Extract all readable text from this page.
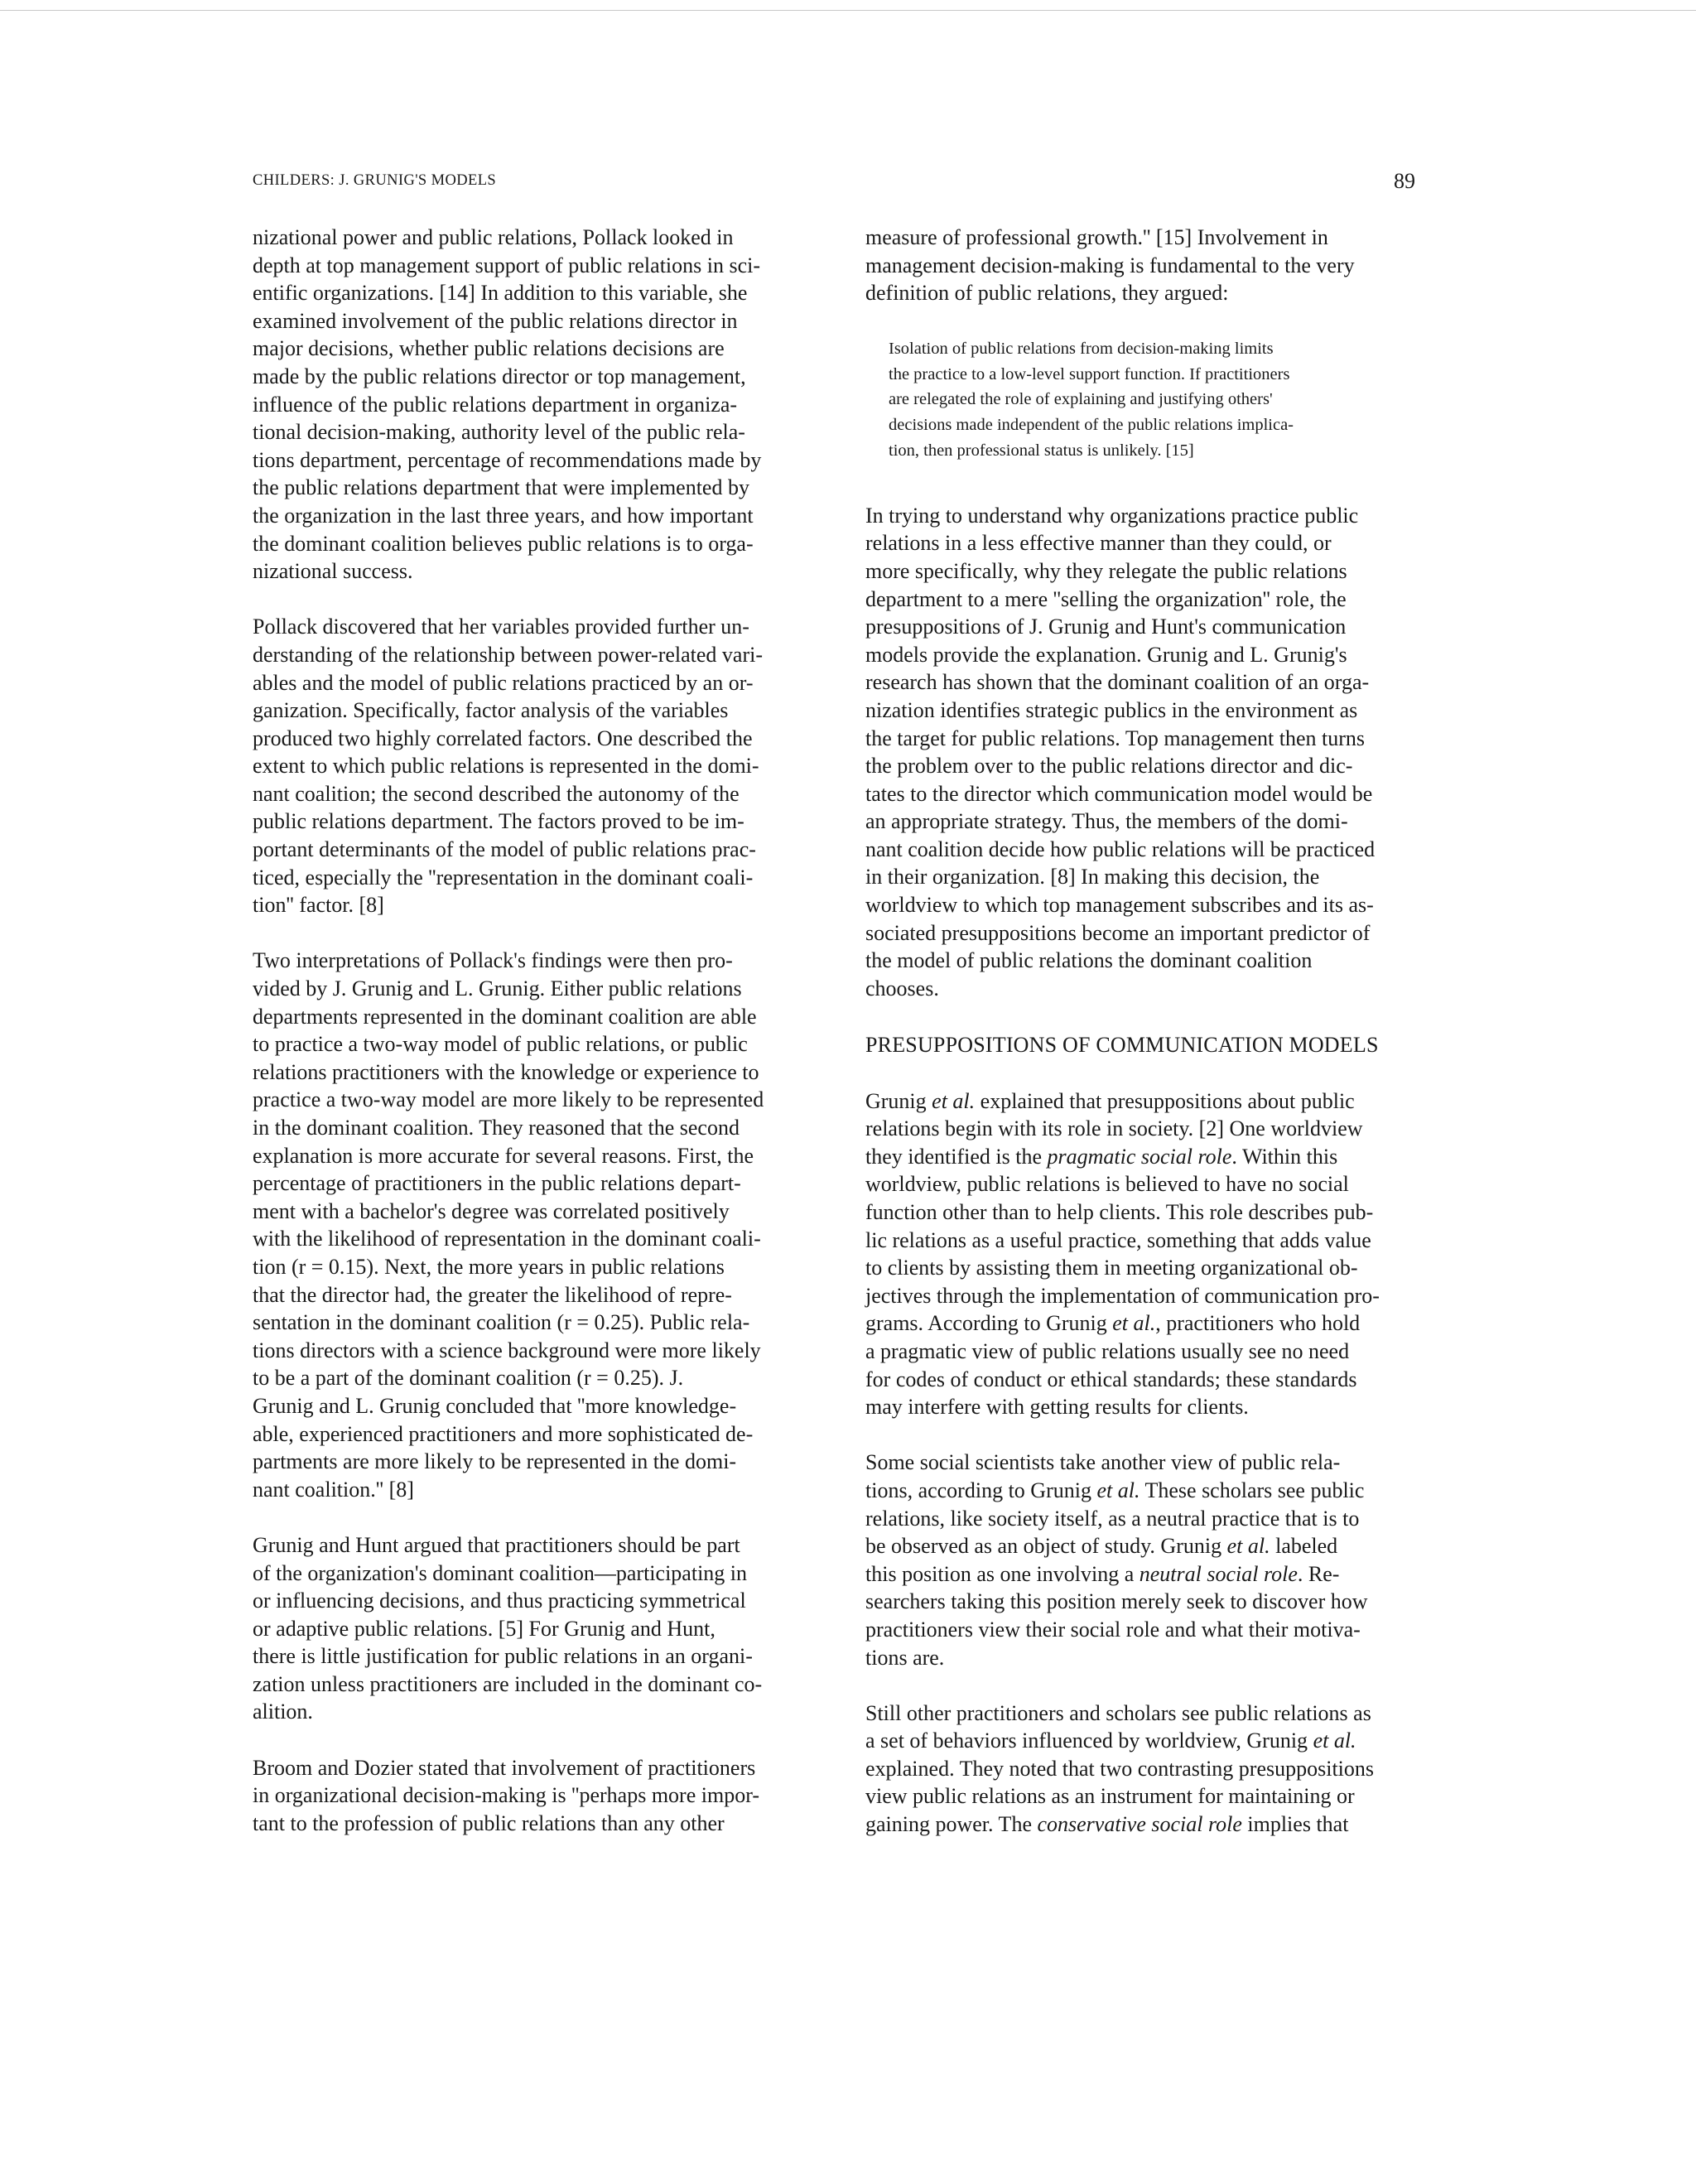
CHILDERS: J. GRUNIG'S MODELS	89

nizational power and public relations, Pollack looked in
depth at top management support of public relations in sci-
entific organizations. [14] In addition to this variable, she
examined involvement of the public relations director in
major decisions, whether public relations decisions are
made by the public relations director or top management,
influence of the public relations department in organiza-
tional decision-making, authority level of the public rela-
tions department, percentage of recommendations made by
the public relations department that were implemented by
the organization in the last three years, and how important
the dominant coalition believes public relations is to orga-
nizational success.

Pollack discovered that her variables provided further un-
derstanding of the relationship between power-related vari-
ables and the model of public relations practiced by an or-
ganization. Specifically, factor analysis of the variables
produced two highly correlated factors. One described the
extent to which public relations is represented in the domi-
nant coalition; the second described the autonomy of the
public relations department. The factors proved to be im-
portant determinants of the model of public relations prac-
ticed, especially the ''representation in the dominant coali-
tion'' factor. [8]

Two interpretations of Pollack's findings were then pro-
vided by J. Grunig and L. Grunig. Either public relations
departments represented in the dominant coalition are able
to practice a two-way model of public relations, or public
relations practitioners with the knowledge or experience to
practice a two-way model are more likely to be represented
in the dominant coalition. They reasoned that the second
explanation is more accurate for several reasons. First, the
percentage of practitioners in the public relations depart-
ment with a bachelor's degree was correlated positively
with the likelihood of representation in the dominant coali-
tion (r = 0.15). Next, the more years in public relations
that the director had, the greater the likelihood of repre-
sentation in the dominant coalition (r = 0.25). Public rela-
tions directors with a science background were more likely
to be a part of the dominant coalition (r = 0.25). J.
Grunig and L. Grunig concluded that ''more knowledge-
able, experienced practitioners and more sophisticated de-
partments are more likely to be represented in the domi-
nant coalition.'' [8]

Grunig and Hunt argued that practitioners should be part
of the organization's dominant coalition—participating in
or influencing decisions, and thus practicing symmetrical
or adaptive public relations. [5] For Grunig and Hunt,
there is little justification for public relations in an organi-
zation unless practitioners are included in the dominant co-
alition.

Broom and Dozier stated that involvement of practitioners
in organizational decision-making is ''perhaps more impor-
tant to the profession of public relations than any other

measure of professional growth.'' [15] Involvement in
management decision-making is fundamental to the very
definition of public relations, they argued:

Isolation of public relations from decision-making limits
the practice to a low-level support function. If practitioners
are relegated the role of explaining and justifying others'
decisions made independent of the public relations implica-
tion, then professional status is unlikely. [15]

In trying to understand why organizations practice public
relations in a less effective manner than they could, or
more specifically, why they relegate the public relations
department to a mere ''selling the organization'' role, the
presuppositions of J. Grunig and Hunt's communication
models provide the explanation. Grunig and L. Grunig's
research has shown that the dominant coalition of an orga-
nization identifies strategic publics in the environment as
the target for public relations. Top management then turns
the problem over to the public relations director and dic-
tates to the director which communication model would be
an appropriate strategy. Thus, the members of the domi-
nant coalition decide how public relations will be practiced
in their organization. [8] In making this decision, the
worldview to which top management subscribes and its as-
sociated presuppositions become an important predictor of
the model of public relations the dominant coalition
chooses.

PRESUPPOSITIONS OF COMMUNICATION MODELS

Grunig et al. explained that presuppositions about public
relations begin with its role in society. [2] One worldview
they identified is the pragmatic social role. Within this
worldview, public relations is believed to have no social
function other than to help clients. This role describes pub-
lic relations as a useful practice, something that adds value
to clients by assisting them in meeting organizational ob-
jectives through the implementation of communication pro-
grams. According to Grunig et al., practitioners who hold
a pragmatic view of public relations usually see no need
for codes of conduct or ethical standards; these standards
may interfere with getting results for clients.

Some social scientists take another view of public rela-
tions, according to Grunig et al. These scholars see public
relations, like society itself, as a neutral practice that is to
be observed as an object of study. Grunig et al. labeled
this position as one involving a neutral social role. Re-
searchers taking this position merely seek to discover how
practitioners view their social role and what their motiva-
tions are.

Still other practitioners and scholars see public relations as
a set of behaviors influenced by worldview, Grunig et al.
explained. They noted that two contrasting presuppositions
view public relations as an instrument for maintaining or
gaining power. The conservative social role implies that
